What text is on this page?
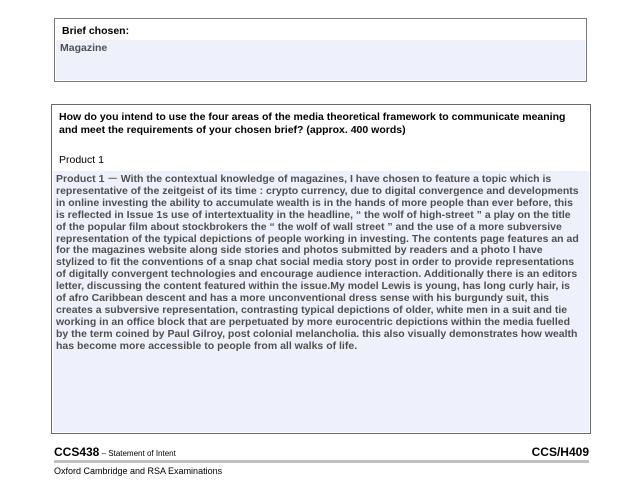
Brief chosen:
Magazine
How do you intend to use the four areas of the media theoretical framework to communicate meaning and meet the requirements of your chosen brief? (approx. 400 words)
Product 1
Product 1 － With the contextual knowledge of magazines, I have chosen to feature a topic which is
representative of the zeitgeist of its time : crypto currency, due to digital convergence and developments
in online investing the ability to accumulate wealth is in the hands of more people than ever before, this
is reflected in Issue 1s use of intertextuality in the headline, “ the wolf of high-street ” a play on the title
of the popular film about stockbrokers the “ the wolf of wall street ” and the use of a more subversive
representation of the typical depictions of people working in investing. The contents page features an ad
for the magazines website along side stories and photos submitted by readers and a photo I have
stylized to fit the conventions of a snap chat social media story post in order to provide representations
of digitally convergent technologies and encourage audience interaction. Additionally there is an editors
letter, discussing the content featured within the issue.My model Lewis is young, has long curly hair, is
of afro Caribbean descent and has a more unconventional dress sense with his burgundy suit, this
creates a subversive representation, contrasting typical depictions of older, white men in a suit and tie
working in an office block that are perpetuated by more eurocentric depictions within the media fuelled
by the term coined by Paul Gilroy, post colonial melancholia. this also visually demonstrates how wealth
has become more accessible to people from all walks of life.
CCS438 – Statement of Intent	CCS/H409
Oxford Cambridge and RSA Examinations
